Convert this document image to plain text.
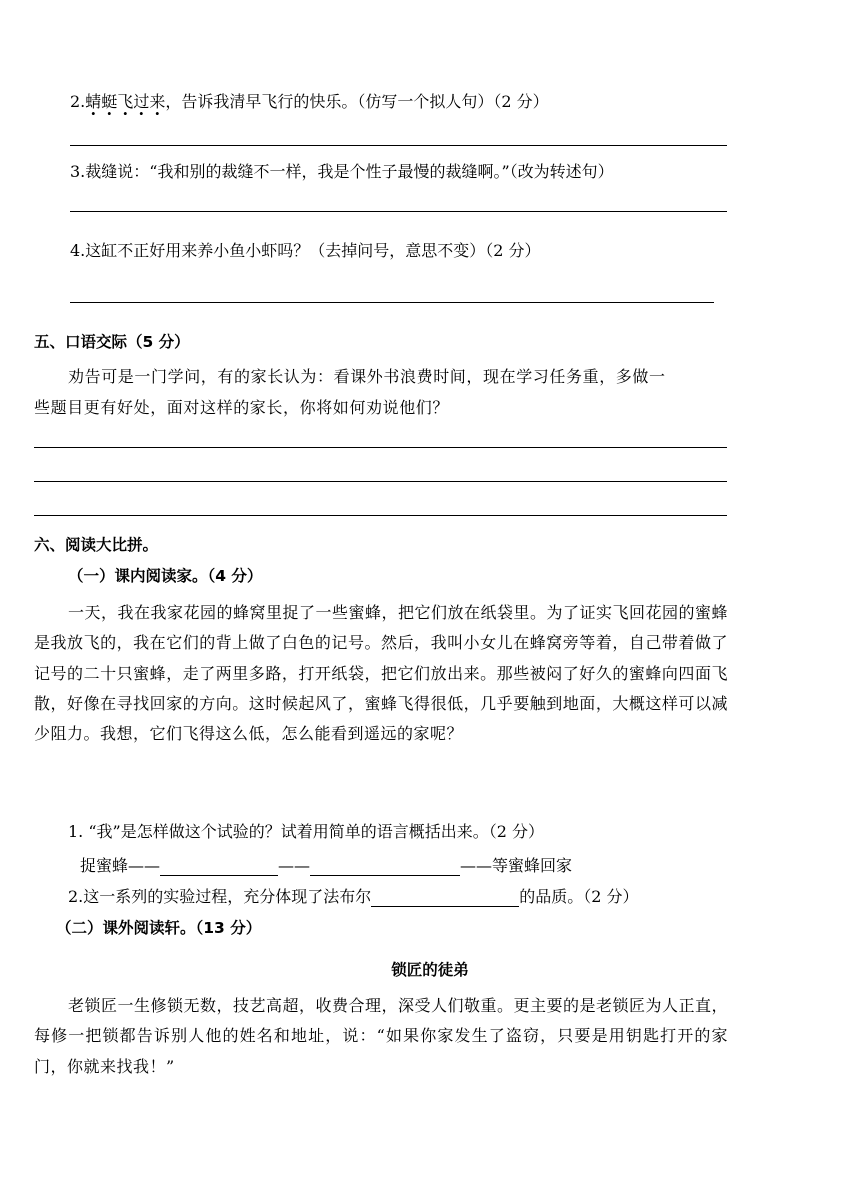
2.蜻蜓飞过来，告诉我清早飞行的快乐。（仿写一个拟人句）（2 分）
3.裁缝说：“我和别的裁缝不一样，我是个性子最慢的裁缝啊。”（改为转述句）
4.这缸不正好用来养小鱼小虾吗？（去掉问号，意思不变）（2 分）
五、口语交际（5 分）
劝告可是一门学问，有的家长认为：看课外书浪费时间，现在学习任务重，多做一
些题目更有好处，面对这样的家长，你将如何劝说他们？
六、阅读大比拼。
（一）课内阅读家。（4 分）
一天，我在我家花园的蜂窝里捉了一些蜜蜂，把它们放在纸袋里。为了证实飞回花园的蜜蜂是我放飞的，我在它们的背上做了白色的记号。然后，我叫小女儿在蜂窝旁等着，自己带着做了记号的二十只蜜蜂，走了两里多路，打开纸袋，把它们放出来。那些被闷了好久的蜜蜂向四面飞散，好像在寻找回家的方向。这时候起风了，蜜蜂飞得很低，几乎要触到地面，大概这样可以减少阻力。我想，它们飞得这么低，怎么能看到遥远的家呢？
1. “我”是怎样做这个试验的？试着用简单的语言概括出来。（2 分）
捉蜜蜂——	——	——等蜜蜂回家
2.这一系列的实验过程，充分体现了法布尔	的品质。（2 分）
（二）课外阅读轩。（13 分）
锁匠的徒弟
老锁匠一生修锁无数，技艺高超，收费合理，深受人们敬重。更主要的是老锁匠为人正直，每修一把锁都告诉别人他的姓名和地址，说：“如果你家发生了盗窃，只要是用钥匙打开的家门，你就来找我！”
